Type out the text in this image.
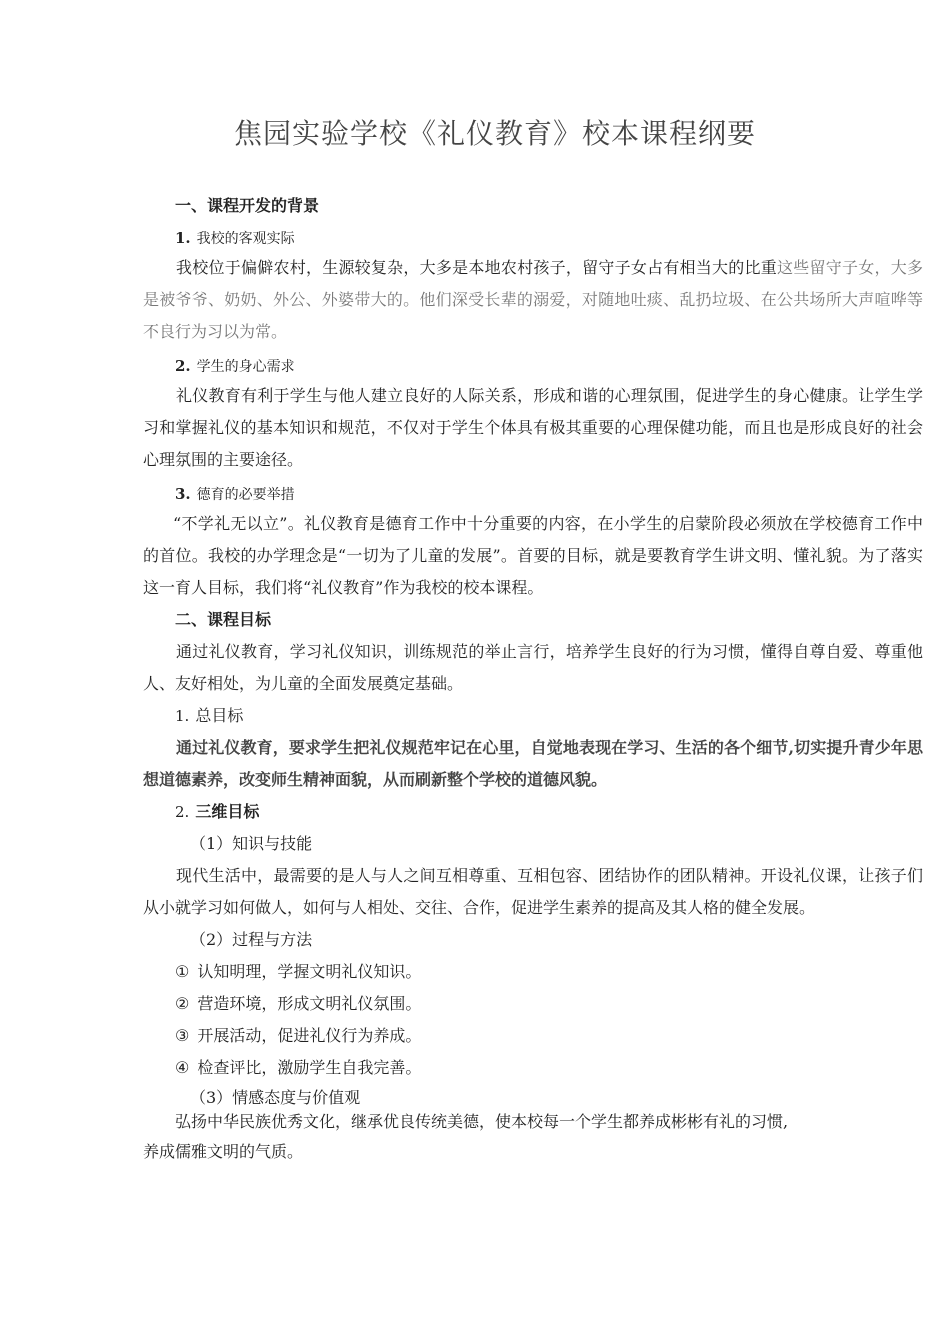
焦园实验学校《礼仪教育》校本课程纲要
一、课程开发的背景
1. 我校的客观实际
我校位于偏僻农村，生源较复杂，大多是本地农村孩子，留守子女占有相当大的比重这些留守子女，大多是被爷爷、奶奶、外公、外婆带大的。他们深受长辈的溺爱，对随地吐痰、乱扔垃圾、在公共场所大声喧哗等不良行为习以为常。
2. 学生的身心需求
礼仪教育有利于学生与他人建立良好的人际关系，形成和谐的心理氛围，促进学生的身心健康。让学生学习和掌握礼仪的基本知识和规范，不仅对于学生个体具有极其重要的心理保健功能，而且也是形成良好的社会心理氛围的主要途径。
3. 德育的必要举措
“不学礼无以立”。礼仪教育是德育工作中十分重要的内容，在小学生的启蒙阶段必须放在学校德育工作中的首位。我校的办学理念是“一切为了儿童的发展”。首要的目标，就是要教育学生讲文明、懂礼貌。为了落实这一育人目标，我们将“礼仪教育”作为我校的校本课程。
二、课程目标
通过礼仪教育，学习礼仪知识，训练规范的举止言行，培养学生良好的行为习惯，懂得自尊自爱、尊重他人、友好相处，为儿童的全面发展奠定基础。
1. 总目标
通过礼仪教育，要求学生把礼仪规范牢记在心里，自觉地表现在学习、生活的各个细节,切实提升青少年思想道德素养，改变师生精神面貌，从而刷新整个学校的道德风貌。
2. 三维目标
（1）知识与技能
现代生活中，最需要的是人与人之间互相尊重、互相包容、团结协作的团队精神。开设礼仪课，让孩子们从小就学习如何做人，如何与人相处、交往、合作，促进学生素养的提高及其人格的健全发展。
（2）过程与方法
① 认知明理，学握文明礼仪知识。
② 营造环境，形成文明礼仪氛围。
③ 开展活动，促进礼仪行为养成。
④ 检查评比，激励学生自我完善。
（3）情感态度与价值观
弘扬中华民族优秀文化，继承优良传统美德，使本校每一个学生都养成彬彬有礼的习惯,
养成儒雅文明的气质。
